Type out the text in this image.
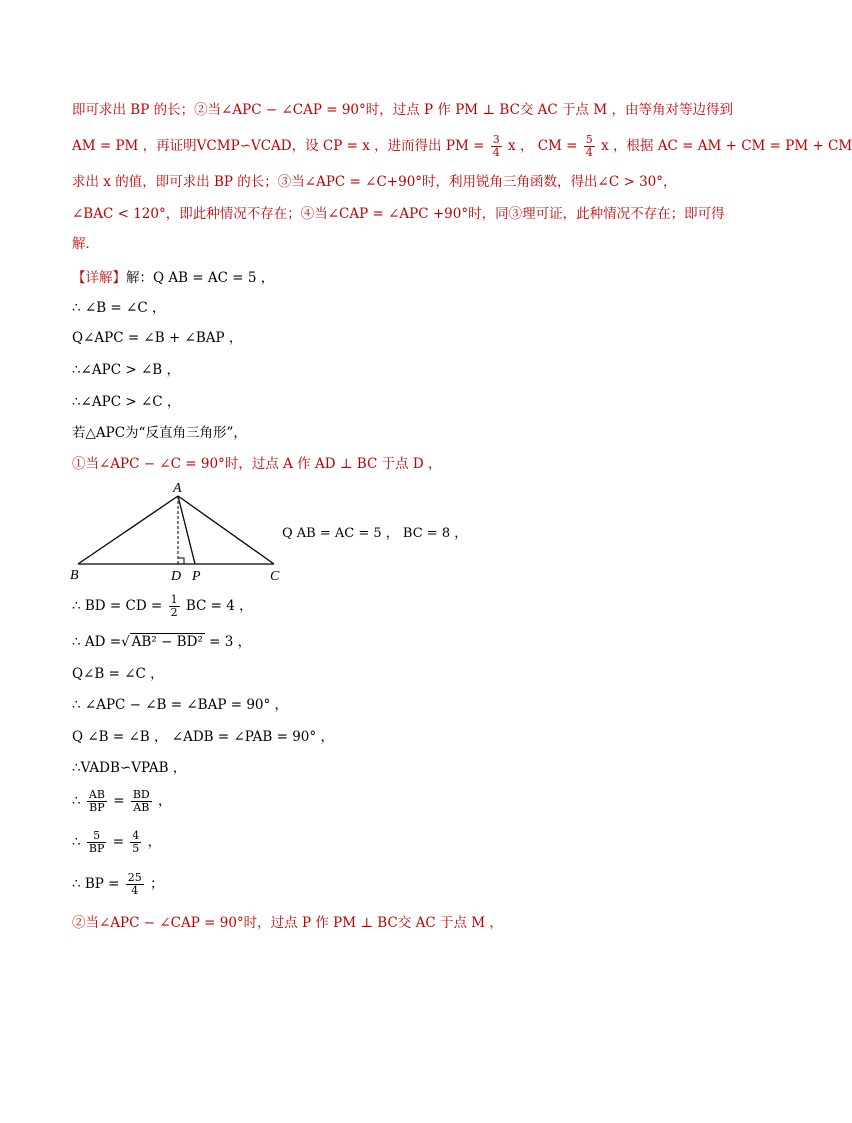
即可求出 BP 的长；②当∠APC − ∠CAP = 90°时，过点 P 作 PM ⊥ BC交 AC 于点 M ，由等角对等边得到
AM = PM ，再证明VCMP∽VCAD，设 CP = x ，进而得出 PM = $\frac{3}{4}$ x ， CM = $\frac{5}{4}$ x ，根据 AC = AM + CM = PM + CM
求出 x 的值，即可求出 BP 的长；③当∠APC = ∠C+90°时，利用锐角三角函数，得出∠C > 30°，
∠BAC < 120°，即此种情况不存在；④当∠CAP = ∠APC +90°时，同③理可证，此种情况不存在；即可得
解．
【详解】解：Q AB = AC = 5 ，
∴ ∠B = ∠C ，
Q∠APC = ∠B + ∠BAP ，
∴∠APC > ∠B ，
∴∠APC > ∠C ，
若△APC为“反直角三角形”，
①当∠APC − ∠C = 90°时，过点 A 作 AD ⊥ BC 于点 D ，
A
B	C
D P
Q AB = AC = 5 ， BC = 8 ，
∴ BD = CD = $\frac{1}{2}$ BC = 4 ，
∴ AD =√ AB² − BD² = 3 ，
Q∠B = ∠C ，
∴ ∠APC − ∠B = ∠BAP = 90° ，
Q ∠B = ∠B ， ∠ADB = ∠PAB = 90° ，
∴VADB∽VPAB ，
∴ $\frac{AB}{BP} = \frac{BD}{AB}$ ，
∴ $\frac{5}{BP} = \frac{4}{5}$ ，
∴ BP = $\frac{25}{4}$ ；
②当∠APC − ∠CAP = 90°时，过点 P 作 PM ⊥ BC交 AC 于点 M ，
